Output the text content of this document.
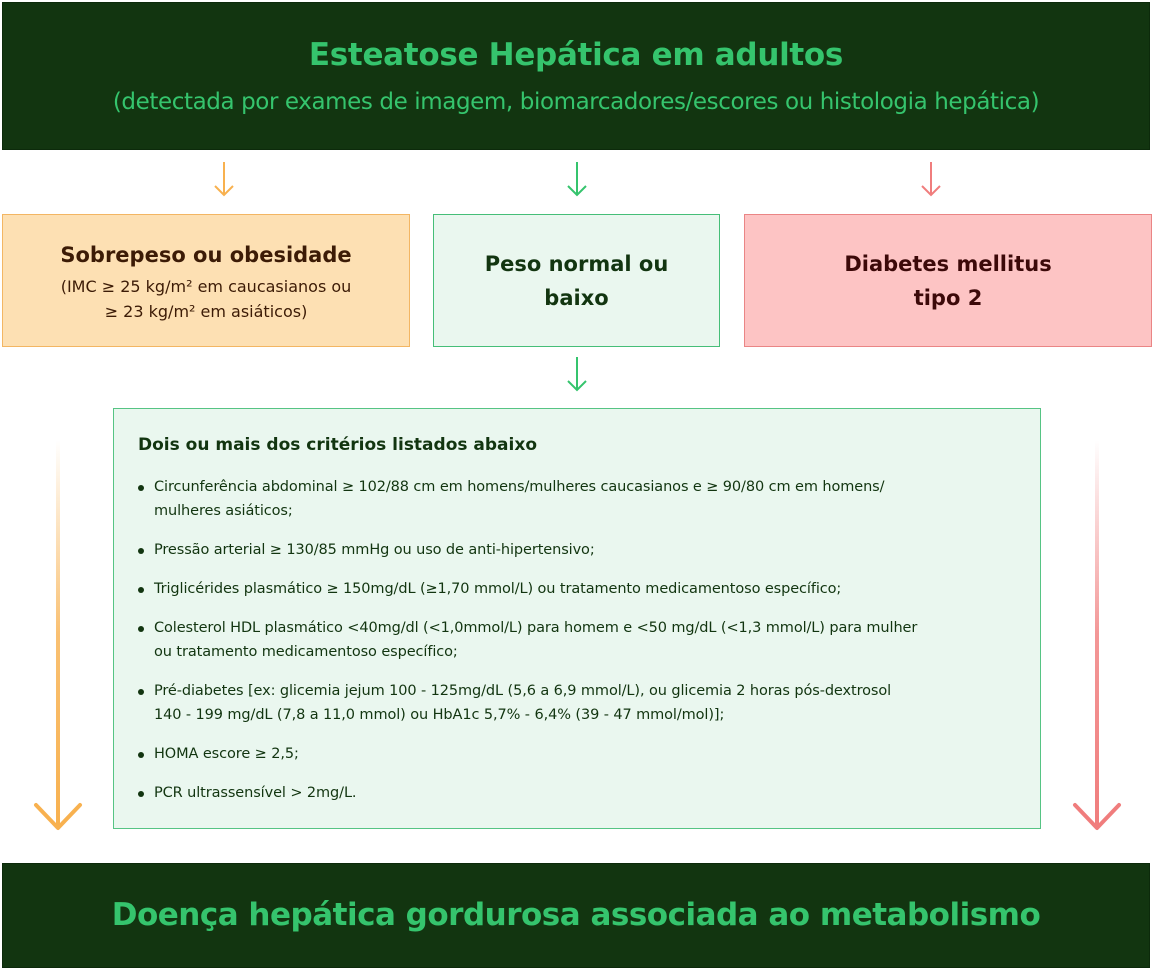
Esteatose Hepática em adultos
(detectada por exames de imagem, biomarcadores/escores ou histologia hepática)
Sobrepeso ou obesidade
(IMC ≥ 25 kg/m² em caucasianos ou
≥ 23 kg/m² em asiáticos)
Peso normal ou
baixo
Diabetes mellitus
tipo 2
Dois ou mais dos critérios listados abaixo
Circunferência abdominal ≥ 102/88 cm em homens/mulheres caucasianos e ≥ 90/80 cm em homens/
mulheres asiáticos;
Pressão arterial ≥ 130/85 mmHg ou uso de anti-hipertensivo;
Triglicérides plasmático ≥ 150mg/dL (≥1,70 mmol/L) ou tratamento medicamentoso específico;
Colesterol HDL plasmático <40mg/dl (<1,0mmol/L) para homem e <50 mg/dL (<1,3 mmol/L) para mulher
ou tratamento medicamentoso específico;
Pré-diabetes [ex: glicemia jejum 100 - 125mg/dL (5,6 a 6,9 mmol/L), ou glicemia 2 horas pós-dextrosol
140 - 199 mg/dL (7,8 a 11,0 mmol) ou HbA1c 5,7% - 6,4% (39 - 47 mmol/mol)];
HOMA escore ≥ 2,5;
PCR ultrassensível > 2mg/L.
Doença hepática gordurosa associada ao metabolismo
